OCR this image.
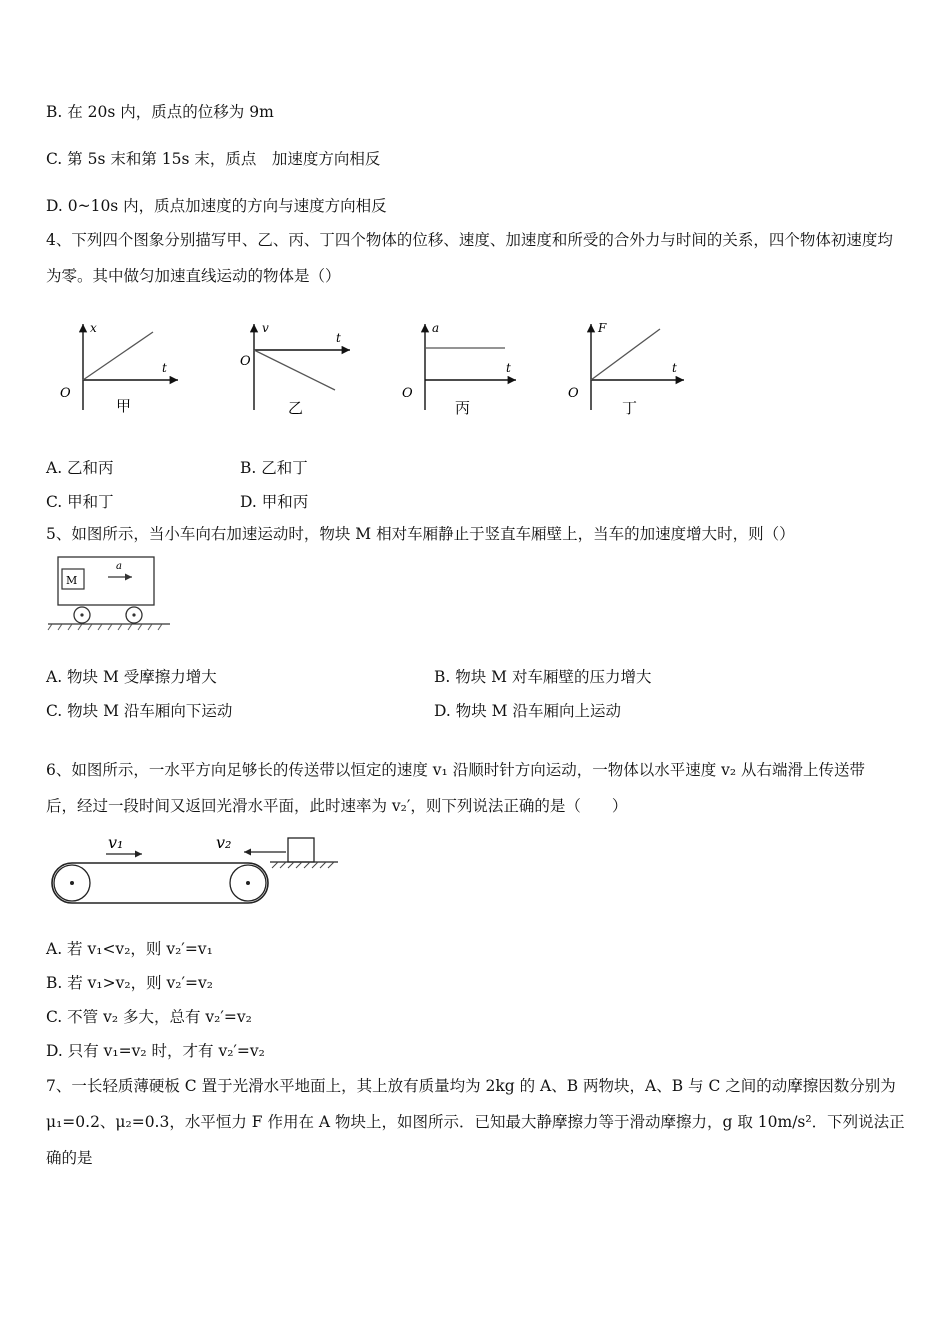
B. 在 20s 内，质点的位移为 9m
C. 第 5s 末和第 15s 末，质点　加速度方向相反
D. 0~10s 内，质点加速度的方向与速度方向相反
4、下列四个图象分别描写甲、乙、丙、丁四个物体的位移、速度、加速度和所受的合外力与时间的关系，四个物体初速度均为零。其中做匀加速直线运动的物体是（）
x
t
O
甲
v
t
O
乙
a
t
O
丙
F
t
O
丁
A. 乙和丙	B. 乙和丁
C. 甲和丁	D. 甲和丙
5、如图所示，当小车向右加速运动时，物块 M 相对车厢静止于竖直车厢壁上，当车的加速度增大时，则（）
M
a
A. 物块 M 受摩擦力增大	B. 物块 M 对车厢壁的压力增大
C. 物块 M 沿车厢向下运动	D. 物块 M 沿车厢向上运动
6、如图所示，一水平方向足够长的传送带以恒定的速度 v₁ 沿顺时针方向运动，一物体以水平速度 v₂ 从右端滑上传送带
后，经过一段时间又返回光滑水平面，此时速率为 v₂′，则下列说法正确的是（　　）
v₁	v₂
A. 若 v₁<v₂，则 v₂′=v₁
B. 若 v₁>v₂，则 v₂′=v₂
C. 不管 v₂ 多大，总有 v₂′=v₂
D. 只有 v₁=v₂ 时，才有 v₂′=v₂
7、一长轻质薄硬板 C 置于光滑水平地面上，其上放有质量均为 2kg 的 A、B 两物块，A、B 与 C 之间的动摩擦因数分别为 μ₁=0.2、μ₂=0.3，水平恒力 F 作用在 A 物块上，如图所示．已知最大静摩擦力等于滑动摩擦力，g 取 10m/s²．下列说法正确的是
